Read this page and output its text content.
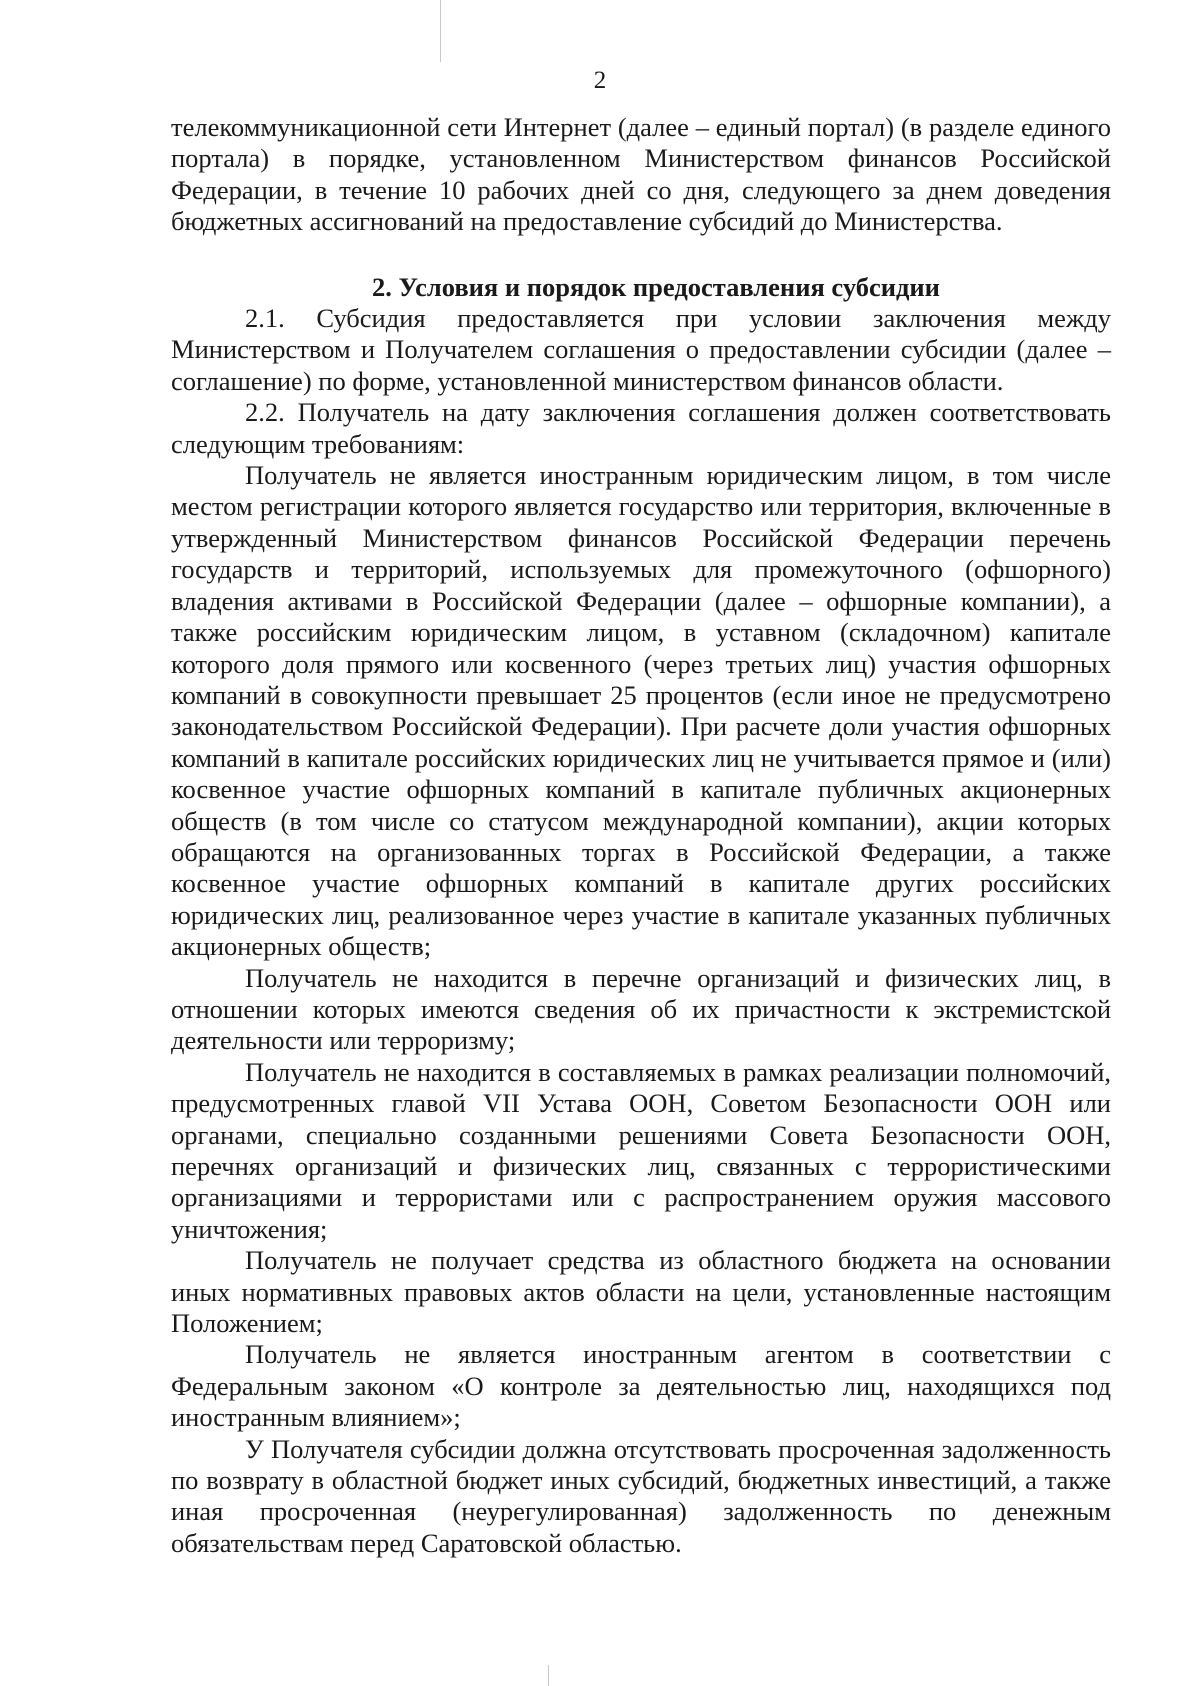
2

телекоммуникационной сети Интернет (далее – единый портал) (в разделе единого портала) в порядке, установленном Министерством финансов Российской Федерации, в течение 10 рабочих дней со дня, следующего за днем доведения бюджетных ассигнований на предоставление субсидий до Министерства.

2. Условия и порядок предоставления субсидии

2.1. Субсидия предоставляется при условии заключения между Министерством и Получателем соглашения о предоставлении субсидии (далее – соглашение) по форме, установленной министерством финансов области.

2.2. Получатель на дату заключения соглашения должен соответствовать следующим требованиям:

Получатель не является иностранным юридическим лицом, в том числе местом регистрации которого является государство или территория, включенные в утвержденный Министерством финансов Российской Федерации перечень государств и территорий, используемых для промежуточного (офшорного) владения активами в Российской Федерации (далее – офшорные компании), а также российским юридическим лицом, в уставном (складочном) капитале которого доля прямого или косвенного (через третьих лиц) участия офшорных компаний в совокупности превышает 25 процентов (если иное не предусмотрено законодательством Российской Федерации). При расчете доли участия офшорных компаний в капитале российских юридических лиц не учитывается прямое и (или) косвенное участие офшорных компаний в капитале публичных акционерных обществ (в том числе со статусом международной компании), акции которых обращаются на организованных торгах в Российской Федерации, а также косвенное участие офшорных компаний в капитале других российских юридических лиц, реализованное через участие в капитале указанных публичных акционерных обществ;

Получатель не находится в перечне организаций и физических лиц, в отношении которых имеются сведения об их причастности к экстремистской деятельности или терроризму;

Получатель не находится в составляемых в рамках реализации полномочий, предусмотренных главой VII Устава ООН, Советом Безопасности ООН или органами, специально созданными решениями Совета Безопасности ООН, перечнях организаций и физических лиц, связанных с террористическими организациями и террористами или с распространением оружия массового уничтожения;

Получатель не получает средства из областного бюджета на основании иных нормативных правовых актов области на цели, установленные настоящим Положением;

Получатель не является иностранным агентом в соответствии с Федеральным законом «О контроле за деятельностью лиц, находящихся под иностранным влиянием»;

У Получателя субсидии должна отсутствовать просроченная задолженность по возврату в областной бюджет иных субсидий, бюджетных инвестиций, а также иная просроченная (неурегулированная) задолженность по денежным обязательствам перед Саратовской областью.
